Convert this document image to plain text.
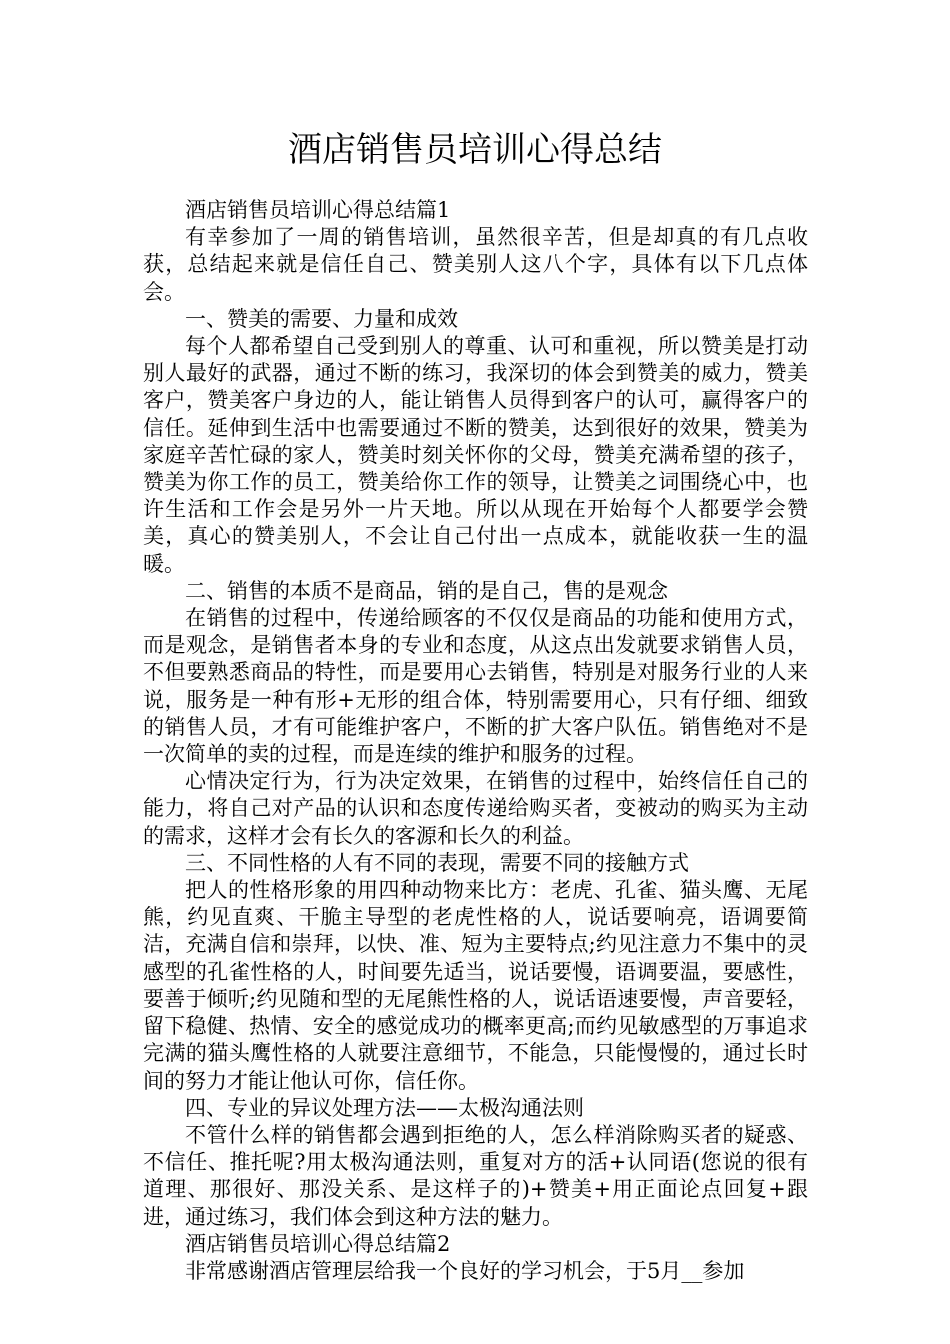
酒店销售员培训心得总结

酒店销售员培训心得总结篇1

有幸参加了一周的销售培训，虽然很辛苦，但是却真的有几点收获，总结起来就是信任自己、赞美别人这八个字，具体有以下几点体会。

一、赞美的需要、力量和成效

每个人都希望自己受到别人的尊重、认可和重视，所以赞美是打动别人最好的武器，通过不断的练习，我深切的体会到赞美的威力，赞美客户，赞美客户身边的人，能让销售人员得到客户的认可，赢得客户的信任。延伸到生活中也需要通过不断的赞美，达到很好的效果，赞美为家庭辛苦忙碌的家人，赞美时刻关怀你的父母，赞美充满希望的孩子，赞美为你工作的员工，赞美给你工作的领导，让赞美之词围绕心中，也许生活和工作会是另外一片天地。所以从现在开始每个人都要学会赞美，真心的赞美别人，不会让自己付出一点成本，就能收获一生的温暖。

二、销售的本质不是商品，销的是自己，售的是观念

在销售的过程中，传递给顾客的不仅仅是商品的功能和使用方式，而是观念，是销售者本身的专业和态度，从这点出发就要求销售人员，不但要熟悉商品的特性，而是要用心去销售，特别是对服务行业的人来说，服务是一种有形+无形的组合体，特别需要用心，只有仔细、细致的销售人员，才有可能维护客户，不断的扩大客户队伍。销售绝对不是一次简单的卖的过程，而是连续的维护和服务的过程。

心情决定行为，行为决定效果，在销售的过程中，始终信任自己的能力，将自己对产品的认识和态度传递给购买者，变被动的购买为主动的需求，这样才会有长久的客源和长久的利益。

三、不同性格的人有不同的表现，需要不同的接触方式

把人的性格形象的用四种动物来比方：老虎、孔雀、猫头鹰、无尾熊，约见直爽、干脆主导型的老虎性格的人，说话要响亮，语调要简洁，充满自信和崇拜，以快、准、短为主要特点;约见注意力不集中的灵感型的孔雀性格的人，时间要先适当，说话要慢，语调要温，要感性，要善于倾听;约见随和型的无尾熊性格的人，说话语速要慢，声音要轻，留下稳健、热情、安全的感觉成功的概率更高;而约见敏感型的万事追求完满的猫头鹰性格的人就要注意细节，不能急，只能慢慢的，通过长时间的努力才能让他认可你，信任你。

四、专业的异议处理方法——太极沟通法则

不管什么样的销售都会遇到拒绝的人，怎么样消除购买者的疑惑、不信任、推托呢?用太极沟通法则，重复对方的活+认同语(您说的很有道理、那很好、那没关系、是这样子的)+赞美+用正面论点回复+跟进，通过练习，我们体会到这种方法的魅力。

酒店销售员培训心得总结篇2

非常感谢酒店管理层给我一个良好的学习机会，于5月__参加
